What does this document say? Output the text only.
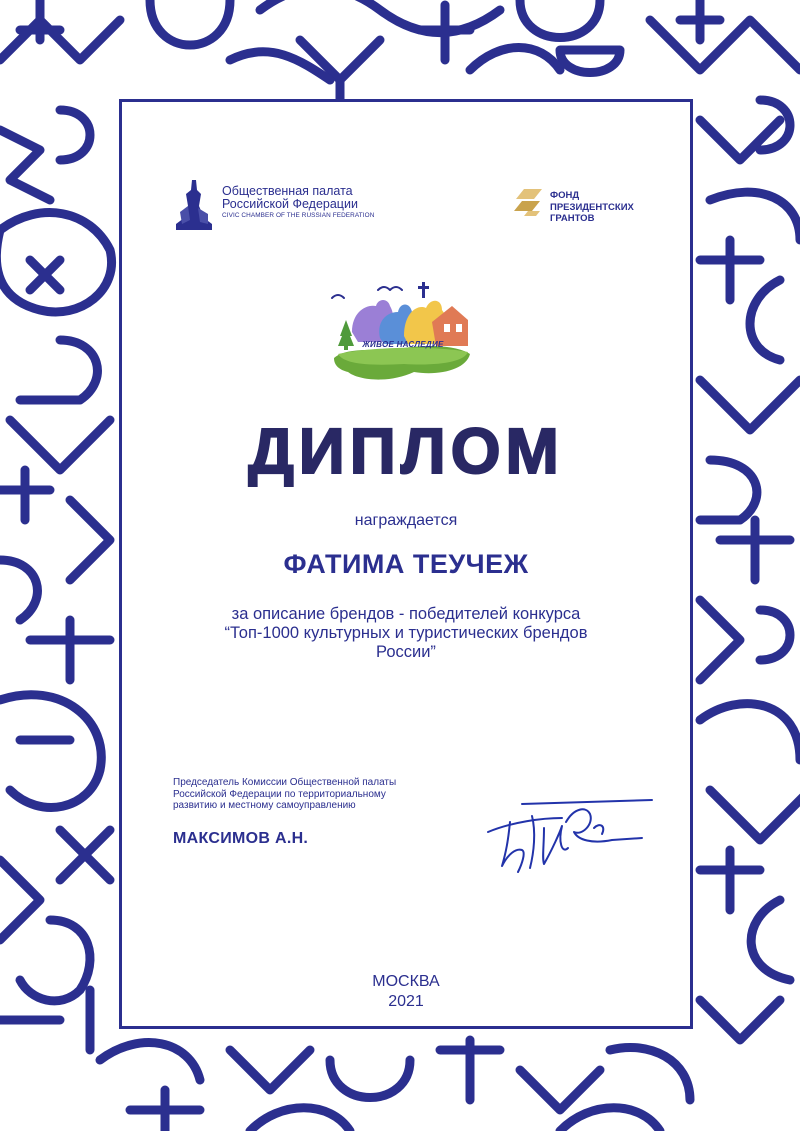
Общественная палата
Российской Федерации
CIVIC CHAMBER OF THE RUSSIAN FEDERATION
ФОНД
ПРЕЗИДЕНТСКИХ
ГРАНТОВ
ЖИВОЕ НАСЛЕДИЕ
ДИПЛОМ
награждается
ФАТИМА ТЕУЧЕЖ
за описание брендов - победителей конкурса
“Топ-1000 культурных и туристических брендов
России”
Председатель Комиссии Общественной палаты
Российской Федерации по территориальному
развитию и местному самоуправлению
МАКСИМОВ А.Н.
МОСКВА
2021
